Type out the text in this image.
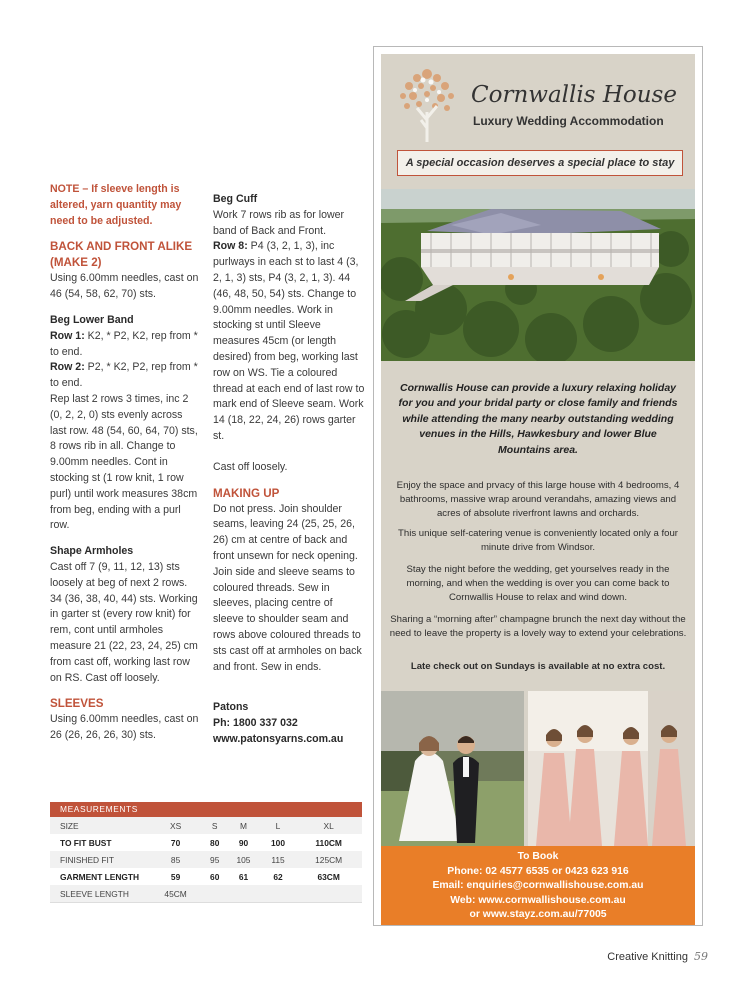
NOTE – If sleeve length is altered, yarn quantity may need to be adjusted.

BACK AND FRONT ALIKE (MAKE 2)

Using 6.00mm needles, cast on 46 (54, 58, 62, 70) sts.

Beg Lower Band

Row 1: K2, * P2, K2, rep from * to end.

Row 2: P2, * K2, P2, rep from * to end.

Rep last 2 rows 3 times, inc 2 (0, 2, 2, 0) sts evenly across last row. 48 (54, 60, 64, 70) sts, 8 rows rib in all. Change to 9.00mm needles. Cont in stocking st (1 row knit, 1 row purl) until work measures 38cm from beg, ending with a purl row.

Shape Armholes

Cast off 7 (9, 11, 12, 13) sts loosely at beg of next 2 rows. 34 (36, 38, 40, 44) sts. Working in garter st (every row knit) for rem, cont until armholes measure 21 (22, 23, 24, 25) cm from cast off, working last row on RS. Cast off loosely.

SLEEVES

Using 6.00mm needles, cast on 26 (26, 26, 26, 30) sts.

Beg Cuff

Work 7 rows rib as for lower band of Back and Front.

Row 8: P4 (3, 2, 1, 3), inc purlways in each st to last 4 (3, 2, 1, 3) sts, P4 (3, 2, 1, 3). 44 (46, 48, 50, 54) sts. Change to 9.00mm needles. Work in stocking st until Sleeve measures 45cm (or length desired) from beg, working last row on WS. Tie a coloured thread at each end of last row to mark end of Sleeve seam. Work 14 (18, 22, 24, 26) rows garter st.

Cast off loosely.

MAKING UP

Do not press. Join shoulder seams, leaving 24 (25, 25, 26, 26) cm at centre of back and front unsewn for neck opening. Join side and sleeve seams to coloured threads. Sew in sleeves, placing centre of sleeve to shoulder seam and rows above coloured threads to sts cast off at armholes on back and front. Sew in ends.

Patons

Ph: 1800 337 032

www.patonsyarns.com.au

MEASUREMENTS
SIZE	XS	S	M	L	XL
TO FIT BUST	70	80	90	100	110CM
FINISHED FIT	85	95	105	115	125CM
GARMENT LENGTH	59	60	61	62	63CM
SLEEVE LENGTH	45CM				
Cornwallis House
Luxury Wedding Accommodation
A special occasion deserves a special place to stay
Cornwallis House can provide a luxury relaxing holiday for you and your bridal party or close family and friends while attending the many nearby outstanding wedding venues in the Hills, Hawkesbury and lower Blue Mountains area.

Enjoy the space and prvacy of this large house with 4 bedrooms, 4 bathrooms, massive wrap around verandahs, amazing views and acres of absolute riverfront lawns and orchards.

This unique self-catering venue is conveniently located only a four minute drive from Windsor.

Stay the night before the wedding, get yourselves ready in the morning, and when the wedding is over you can come back to Cornwallis House to relax and wind down.

Sharing a “morning after” champagne brunch the next day without the need to leave the property is a lovely way to extend your celebrations.

Late check out on Sundays is available at no extra cost.
To Book
Phone: 02 4577 6535 or 0423 623 916
Email: enquiries@cornwallishouse.com.au
Web: www.cornwallishouse.com.au
or www.stayz.com.au/77005
Creative Knitting 59
